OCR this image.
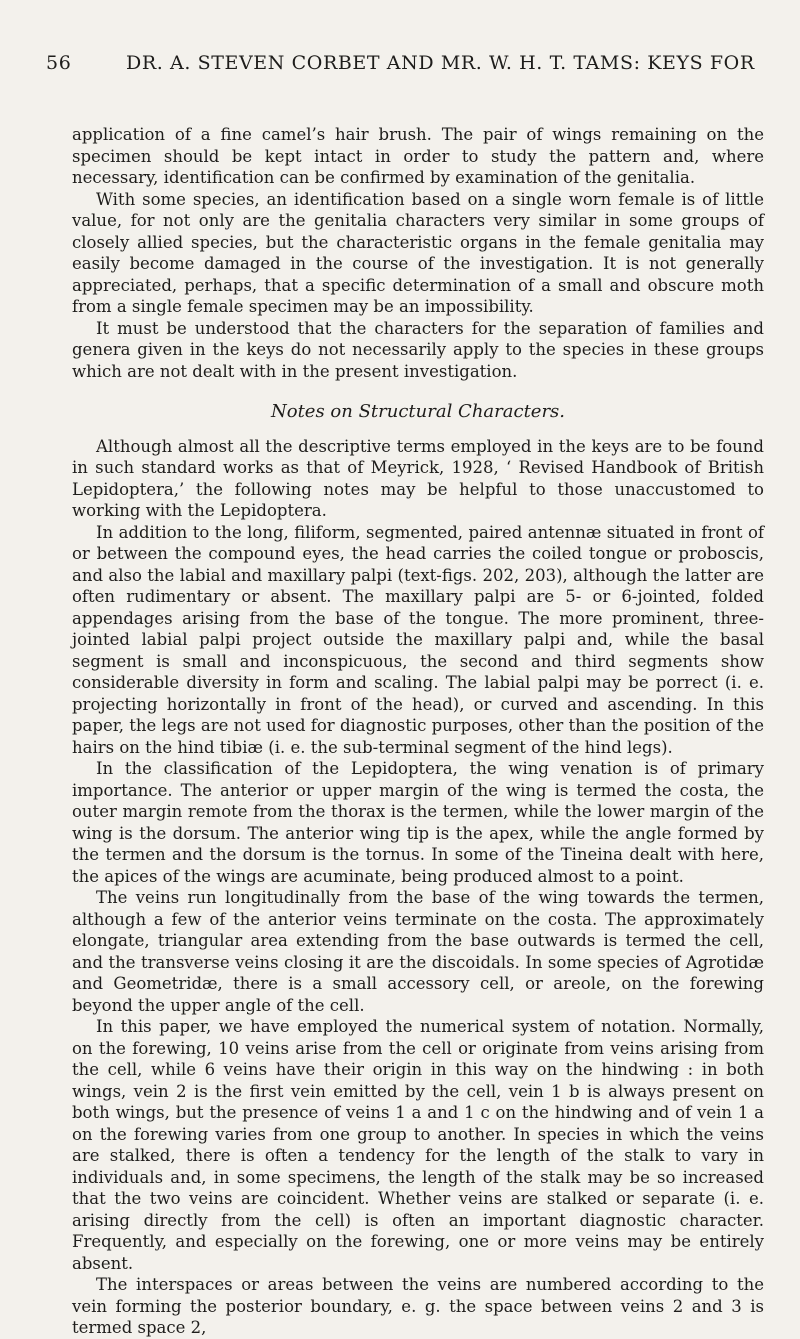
56	DR. A. STEVEN CORBET AND MR. W. H. T. TAMS: KEYS FOR

application of a fine camel’s hair brush. The pair of wings remaining on the specimen should be kept intact in order to study the pattern and, where necessary, identification can be confirmed by examination of the genitalia.

With some species, an identification based on a single worn female is of little value, for not only are the genitalia characters very similar in some groups of closely allied species, but the characteristic organs in the female genitalia may easily become damaged in the course of the investigation. It is not generally appreciated, perhaps, that a specific determination of a small and obscure moth from a single female specimen may be an impossibility.

It must be understood that the characters for the separation of families and genera given in the keys do not necessarily apply to the species in these groups which are not dealt with in the present investigation.

Notes on Structural Characters.

Although almost all the descriptive terms employed in the keys are to be found in such standard works as that of Meyrick, 1928, ‘ Revised Handbook of British Lepidoptera,’ the following notes may be helpful to those unaccustomed to working with the Lepidoptera.

In addition to the long, filiform, segmented, paired antennæ situated in front of or between the compound eyes, the head carries the coiled tongue or proboscis, and also the labial and maxillary palpi (text-figs. 202, 203), although the latter are often rudimentary or absent. The maxillary palpi are 5- or 6-jointed, folded appendages arising from the base of the tongue. The more prominent, three-jointed labial palpi project outside the maxillary palpi and, while the basal segment is small and inconspicuous, the second and third segments show considerable diversity in form and scaling. The labial palpi may be porrect (i. e. projecting horizontally in front of the head), or curved and ascending. In this paper, the legs are not used for diagnostic purposes, other than the position of the hairs on the hind tibiæ (i. e. the sub-terminal segment of the hind legs).

In the classification of the Lepidoptera, the wing venation is of primary importance. The anterior or upper margin of the wing is termed the costa, the outer margin remote from the thorax is the termen, while the lower margin of the wing is the dorsum. The anterior wing tip is the apex, while the angle formed by the termen and the dorsum is the tornus. In some of the Tineina dealt with here, the apices of the wings are acuminate, being produced almost to a point.

The veins run longitudinally from the base of the wing towards the termen, although a few of the anterior veins terminate on the costa. The approximately elongate, triangular area extending from the base outwards is termed the cell, and the transverse veins closing it are the discoidals. In some species of Agrotidæ and Geometridæ, there is a small accessory cell, or areole, on the forewing beyond the upper angle of the cell.

In this paper, we have employed the numerical system of notation. Normally, on the forewing, 10 veins arise from the cell or originate from veins arising from the cell, while 6 veins have their origin in this way on the hindwing : in both wings, vein 2 is the first vein emitted by the cell, vein 1 b is always present on both wings, but the presence of veins 1 a and 1 c on the hindwing and of vein 1 a on the forewing varies from one group to another. In species in which the veins are stalked, there is often a tendency for the length of the stalk to vary in individuals and, in some specimens, the length of the stalk may be so increased that the two veins are coincident. Whether veins are stalked or separate (i. e. arising directly from the cell) is often an important diagnostic character. Frequently, and especially on the forewing, one or more veins may be entirely absent.

The interspaces or areas between the veins are numbered according to the vein forming the posterior boundary, e. g. the space between veins 2 and 3 is termed space 2,
